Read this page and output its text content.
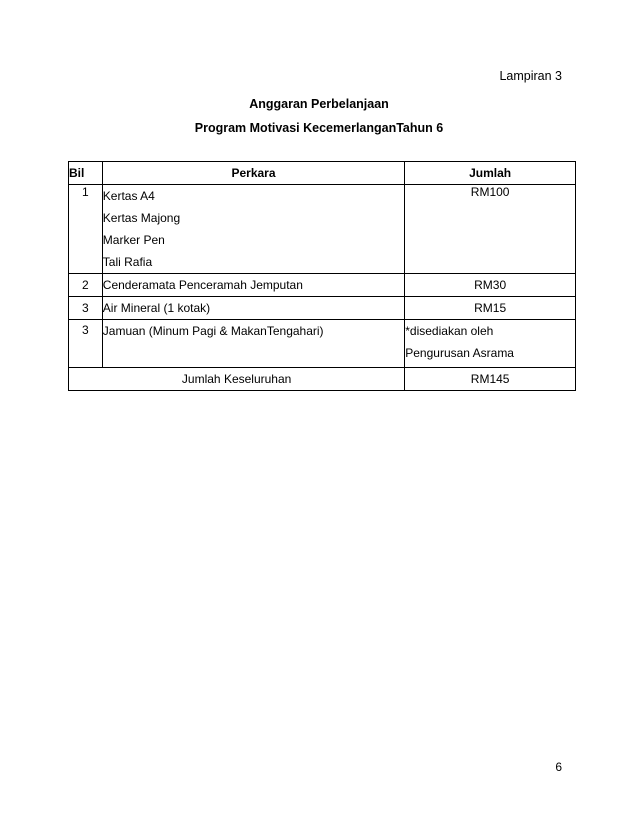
Lampiran 3
Anggaran Perbelanjaan
Program Motivasi KecemerlanganTahun 6
Bil	Perkara	Jumlah
1	Kertas A4
Kertas Majong
Marker Pen
Tali Rafia	RM100
2	Cenderamata Penceramah Jemputan	RM30
3	Air Mineral (1 kotak)	RM15
3	Jamuan (Minum Pagi & MakanTengahari)	*disediakan oleh
Pengurusan Asrama

Jumlah Keseluruhan		RM145
6
